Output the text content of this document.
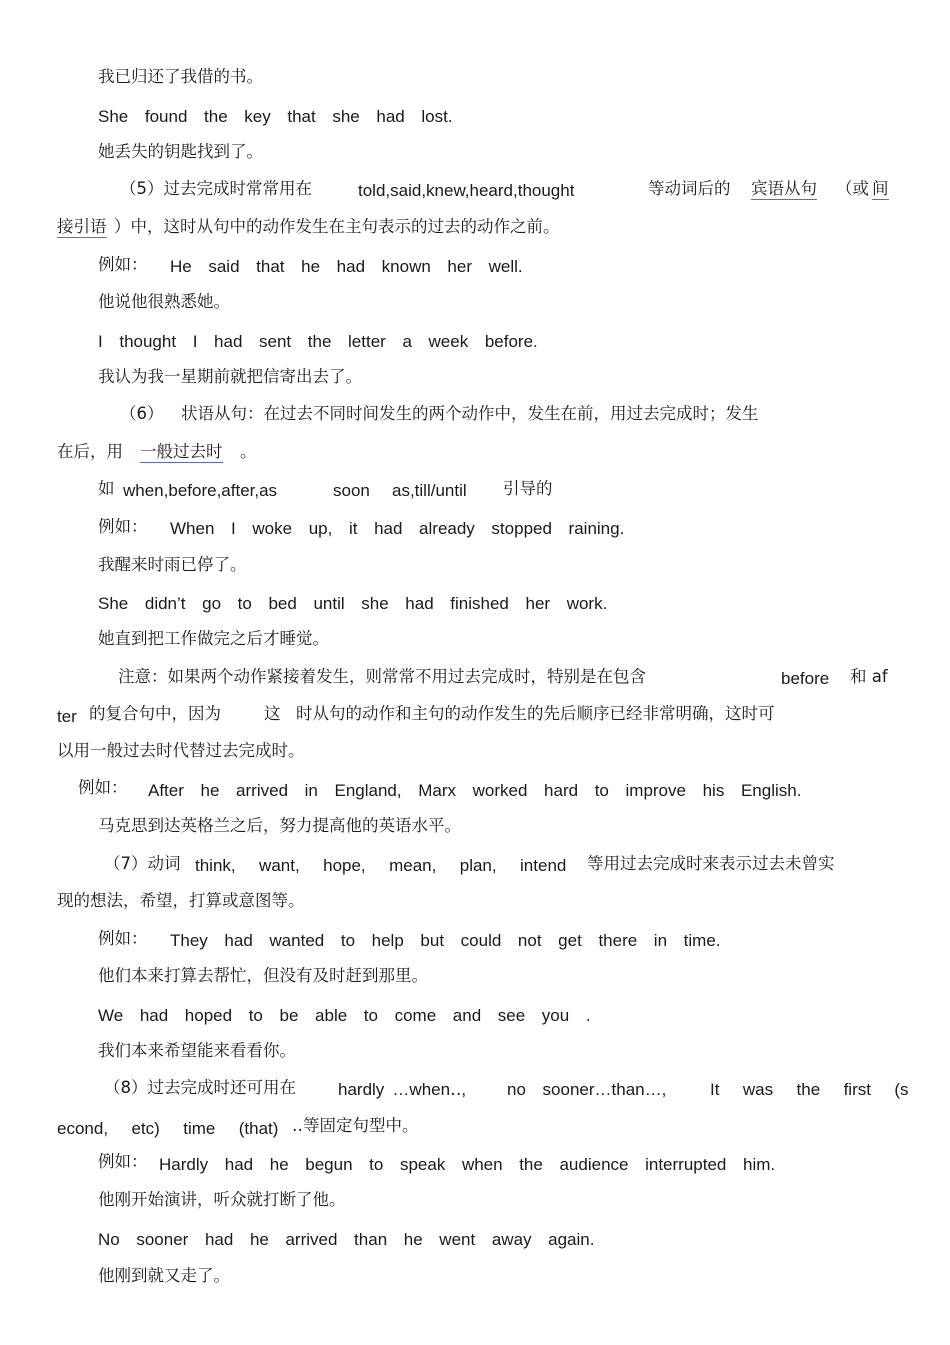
我已归还了我借的书。
She found the key that she had lost.
她丢失的钥匙找到了。
（5）过去完成时常常用在	told,said,knew,heard,thought	等动词后的 宾语从句 （或 间
接引语 ）中，这时从句中的动作发生在主句表示的过去的动作之前。
例如： He said that he had known her well.
他说他很熟悉她。
I thought I had sent the letter a week before.
我认为我一星期前就把信寄出去了。
（6） 状语从句：在过去不同时间发生的两个动作中，发生在前，用过去完成时；发生
在后，用 一般过去时 。
如 when,before,after,as	soon as,till/until 引导的
例如： When I woke up, it had already stopped raining.
我醒来时雨已停了。
She didn’t go to bed until she had finished her work.
她直到把工作做完之后才睡觉。
注意：如果两个动作紧接着发生，则常常不用过去完成时，特别是在包含	before 和 af
ter 的复合句中，因为	这 时从句的动作和主句的动作发生的先后顺序已经非常明确，这时可
以用一般过去时代替过去完成时。
例如： After he arrived in England, Marx worked hard to improve his English.
马克思到达英格兰之后，努力提高他的英语水平。
（7）动词 think, want, hope, mean, plan, intend 等用过去完成时来表示过去未曾实
现的想法，希望，打算或意图等。
例如： They had wanted to help but could not get there in time.
他们本来打算去帮忙，但没有及时赶到那里。
We had hoped to be able to come and see you .
我们本来希望能来看看你。
（8）过去完成时还可用在 hardly …when‥, no sooner…than…,	It was the first (s
econd, etc) time (that) ‥等固定句型中。
例如： Hardly had he begun to speak when the audience interrupted him.
他刚开始演讲，听众就打断了他。
No sooner had he arrived than he went away again.
他刚到就又走了。
